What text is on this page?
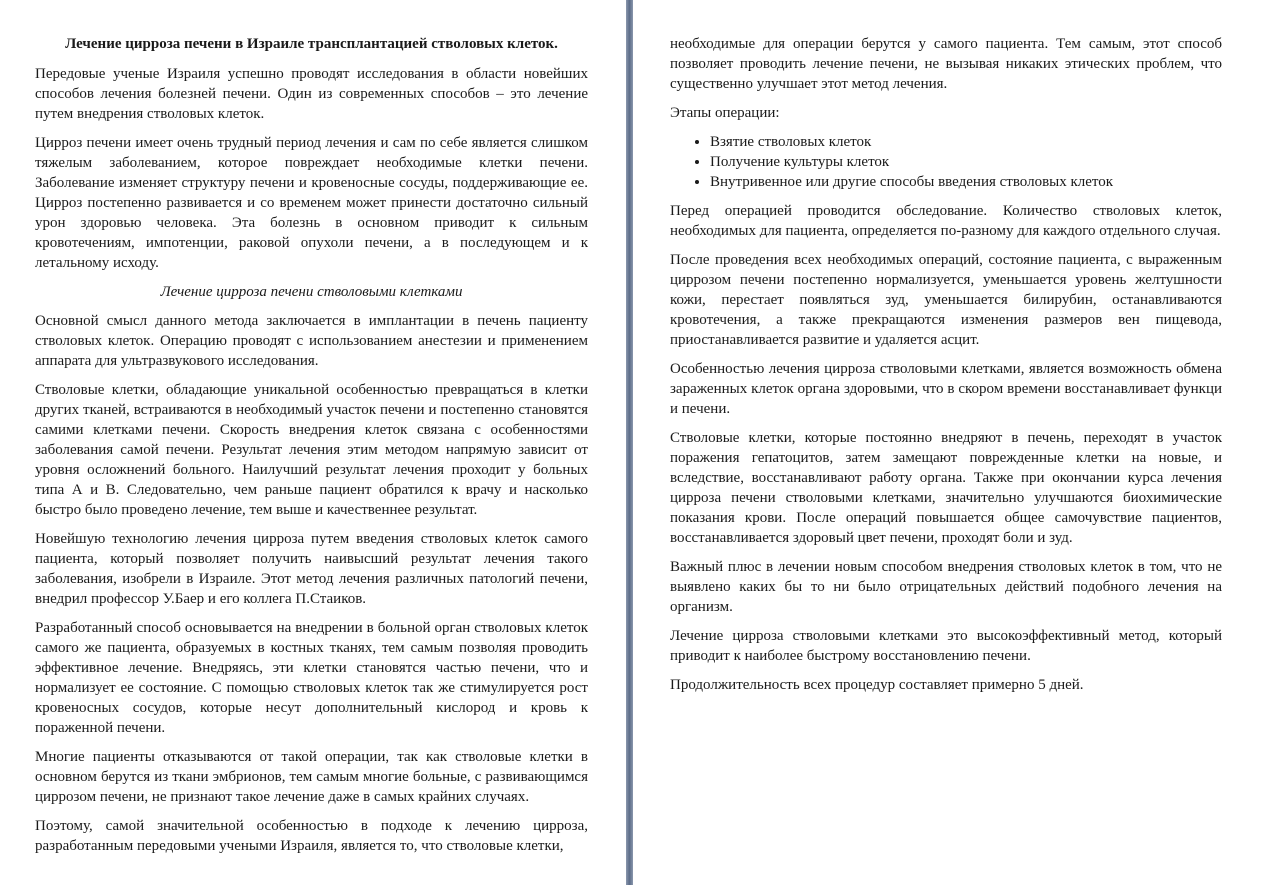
Лечение цирроза печени в Израиле трансплантацией стволовых клеток.

Передовые ученые Израиля успешно проводят исследования в области новейших способов лечения болезней печени. Один из современных способов – это лечение путем внедрения стволовых клеток.

Цирроз печени имеет очень трудный период лечения и сам по себе является слишком тяжелым заболеванием, которое повреждает необходимые клетки печени. Заболевание изменяет структуру печени и кровеносные сосуды, поддерживающие ее. Цирроз постепенно развивается и со временем может принести достаточно сильный урон здоровью человека. Эта болезнь в основном приводит к сильным кровотечениям, импотенции, раковой опухоли печени, а в последующем и к летальному исходу.

Лечение цирроза печени стволовыми клетками

Основной смысл данного метода заключается в имплантации в печень пациенту стволовых клеток. Операцию проводят с использованием анестезии и применением аппарата для ультразвукового исследования.

Стволовые клетки, обладающие уникальной особенностью превращаться в клетки других тканей, встраиваются в необходимый участок печени и постепенно становятся самими клетками печени. Скорость внедрения клеток связана с особенностями заболевания самой печени. Результат лечения этим методом напрямую зависит от уровня осложнений больного. Наилучший результат лечения проходит у больных типа А и В. Следовательно, чем раньше пациент обратился к врачу и насколько быстро было проведено лечение, тем выше и качественнее результат.

Новейшую технологию лечения цирроза путем введения стволовых клеток самого пациента, который позволяет получить наивысший результат лечения такого заболевания, изобрели в Израиле. Этот метод лечения различных патологий печени, внедрил профессор У.Баер и его коллега П.Стаиков.

Разработанный способ основывается на внедрении в больной орган стволовых клеток самого же пациента, образуемых в костных тканях, тем самым позволяя проводить эффективное лечение. Внедряясь, эти клетки становятся частью печени, что и нормализует ее состояние. С помощью стволовых клеток так же стимулируется рост кровеносных сосудов, которые несут дополнительный кислород и кровь к пораженной печени.

Многие пациенты отказываются от такой операции, так как стволовые клетки в основном берутся из ткани эмбрионов, тем самым многие больные, с развивающимся циррозом печени, не признают такое лечение даже в самых крайних случаях.

Поэтому, самой значительной особенностью в подходе к лечению цирроза, разработанным передовыми учеными Израиля, является то, что стволовые клетки,

необходимые для операции берутся у самого пациента. Тем самым, этот способ позволяет проводить лечение печени, не вызывая никаких этических проблем, что существенно улучшает этот метод лечения.

Этапы операции:

• Взятие стволовых клеток
• Получение культуры клеток
• Внутривенное или другие способы введения стволовых клеток

Перед операцией проводится обследование. Количество стволовых клеток, необходимых для пациента, определяется по-разному для каждого отдельного случая.

После проведения всех необходимых операций, состояние пациента, с выраженным циррозом печени постепенно нормализуется, уменьшается уровень желтушности кожи, перестает появляться зуд, уменьшается билирубин, останавливаются кровотечения, а также прекращаются изменения размеров вен пищевода, приостанавливается развитие и удаляется асцит.

Особенностью лечения цирроза стволовыми клетками, является возможность обмена зараженных клеток органа здоровыми, что в скором времени восстанавливает функци и печени.

Стволовые клетки, которые постоянно внедряют в печень, переходят в участок поражения гепатоцитов, затем замещают поврежденные клетки на новые, и вследствие, восстанавливают работу органа. Также при окончании курса лечения цирроза печени стволовыми клетками, значительно улучшаются биохимические показания крови. После операций повышается общее самочувствие пациентов, восстанавливается здоровый цвет печени, проходят боли и зуд.

Важный плюс в лечении новым способом внедрения стволовых клеток в том, что не выявлено каких бы то ни было отрицательных действий подобного лечения на организм.

Лечение цирроза стволовыми клетками это высокоэффективный метод, который приводит к наиболее быстрому восстановлению печени.

Продолжительность всех процедур составляет примерно 5 дней.
